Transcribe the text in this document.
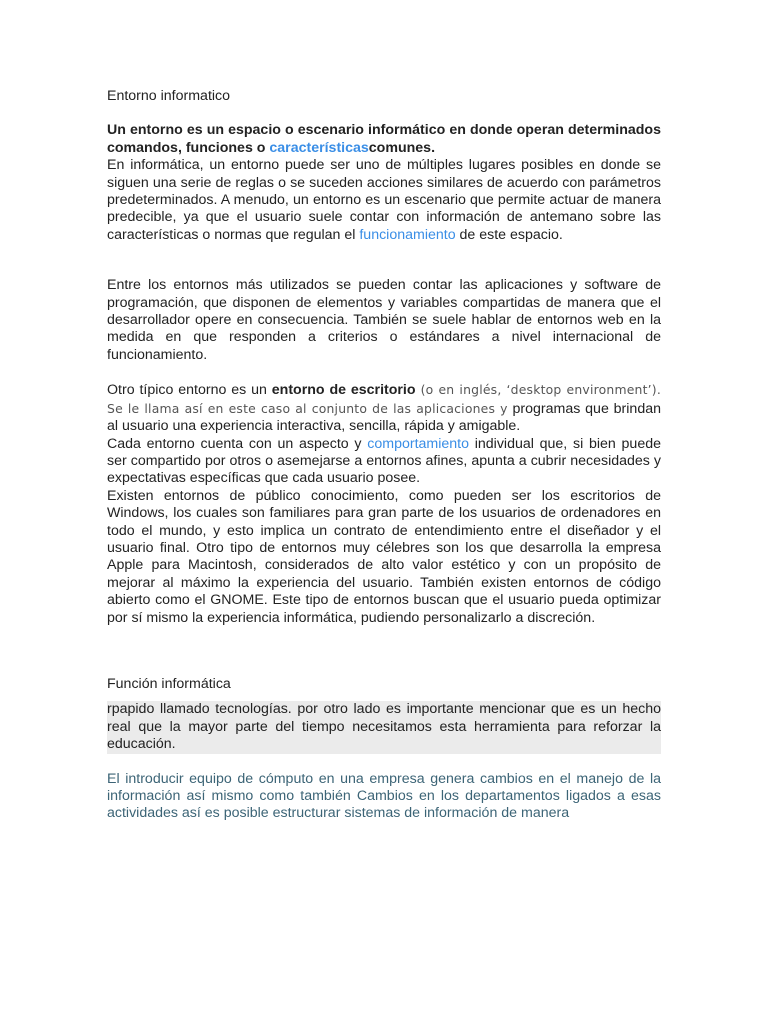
Entorno informatico

Un entorno es un espacio o escenario informático en donde operan determinados comandos, funciones o característicascomunes.

En informática, un entorno puede ser uno de múltiples lugares posibles en donde se siguen una serie de reglas o se suceden acciones similares de acuerdo con parámetros predeterminados. A menudo, un entorno es un escenario que permite actuar de manera predecible, ya que el usuario suele contar con información de antemano sobre las características o normas que regulan el funcionamiento de este espacio.

Entre los entornos más utilizados se pueden contar las aplicaciones y software de programación, que disponen de elementos y variables compartidas de manera que el desarrollador opere en consecuencia. También se suele hablar de entornos web en la medida en que responden a criterios o estándares a nivel internacional de funcionamiento.

Otro típico entorno es un entorno de escritorio (o en inglés, ‘desktop environment’). Se le llama así en este caso al conjunto de las aplicaciones y programas que brindan al usuario una experiencia interactiva, sencilla, rápida y amigable.

Cada entorno cuenta con un aspecto y comportamiento individual que, si bien puede ser compartido por otros o asemejarse a entornos afines, apunta a cubrir necesidades y expectativas específicas que cada usuario posee.

Existen entornos de público conocimiento, como pueden ser los escritorios de Windows, los cuales son familiares para gran parte de los usuarios de ordenadores en todo el mundo, y esto implica un contrato de entendimiento entre el diseñador y el usuario final. Otro tipo de entornos muy célebres son los que desarrolla la empresa Apple para Macintosh, considerados de alto valor estético y con un propósito de mejorar al máximo la experiencia del usuario. También existen entornos de código abierto como el GNOME. Este tipo de entornos buscan que el usuario pueda optimizar por sí mismo la experiencia informática, pudiendo personalizarlo a discreción.

Función informática

rpapido llamado tecnologías. por otro lado es importante mencionar que es un hecho real que la mayor parte del tiempo necesitamos esta herramienta para reforzar la educación.

El introducir equipo de cómputo en una empresa genera cambios en el manejo de la información así mismo como también Cambios en los departamentos ligados a esas actividades así es posible estructurar sistemas de información de manera
